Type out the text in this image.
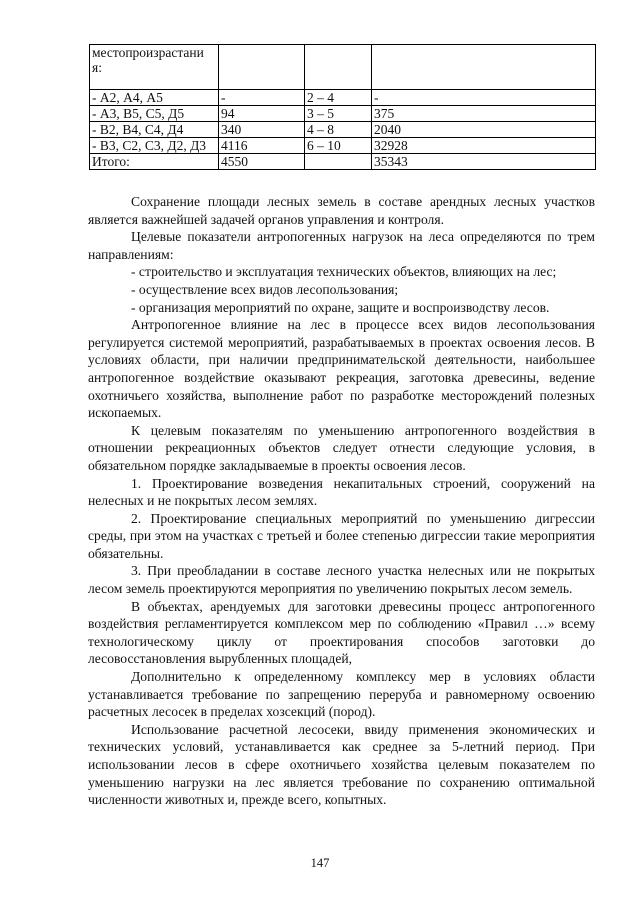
местопроизрастани я:			
- А2, А4, А5	-	2 – 4	-
- А3, В5, С5, Д5	94	3 – 5	375
- В2, В4, С4, Д4	340	4 – 8	2040
- В3, С2, С3, Д2, Д3	4116	6 – 10	32928
Итого:	4550		35343

Сохранение площади лесных земель в составе арендных лесных участков является важнейшей задачей органов управления и контроля.

Целевые показатели антропогенных нагрузок на леса определяются по трем направлениям:

- строительство и эксплуатация технических объектов, влияющих на лес;

- осуществление всех видов лесопользования;

- организация мероприятий по охране, защите и воспроизводству лесов.

Антропогенное влияние на лес в процессе всех видов лесопользования регулируется системой мероприятий, разрабатываемых в проектах освоения лесов. В условиях области, при наличии предпринимательской деятельности, наибольшее антропогенное воздействие оказывают рекреация, заготовка древесины, ведение охотничьего хозяйства, выполнение работ по разработке месторождений полезных ископаемых.

К целевым показателям по уменьшению антропогенного воздействия в отношении рекреационных объектов следует отнести следующие условия, в обязательном порядке закладываемые в проекты освоения лесов.

1. Проектирование возведения некапитальных строений, сооружений на нелесных и не покрытых лесом землях.

2. Проектирование специальных мероприятий по уменьшению дигрессии среды, при этом на участках с третьей и более степенью дигрессии такие мероприятия обязательны.

3. При преобладании в составе лесного участка нелесных или не покрытых лесом земель проектируются мероприятия по увеличению покрытых лесом земель.

В объектах, арендуемых для заготовки древесины процесс антропогенного воздействия регламентируется комплексом мер по соблюдению «Правил …» всему технологическому циклу от проектирования способов заготовки до лесовосстановления вырубленных площадей,

Дополнительно к определенному комплексу мер в условиях области устанавливается требование по запрещению переруба и равномерному освоению расчетных лесосек в пределах хозсекций (пород).

Использование расчетной лесосеки, ввиду применения экономических и технических условий, устанавливается как среднее за 5-летний период. При использовании лесов в сфере охотничьего хозяйства целевым показателем по уменьшению нагрузки на лес является требование по сохранению оптимальной численности животных и, прежде всего, копытных.

147
